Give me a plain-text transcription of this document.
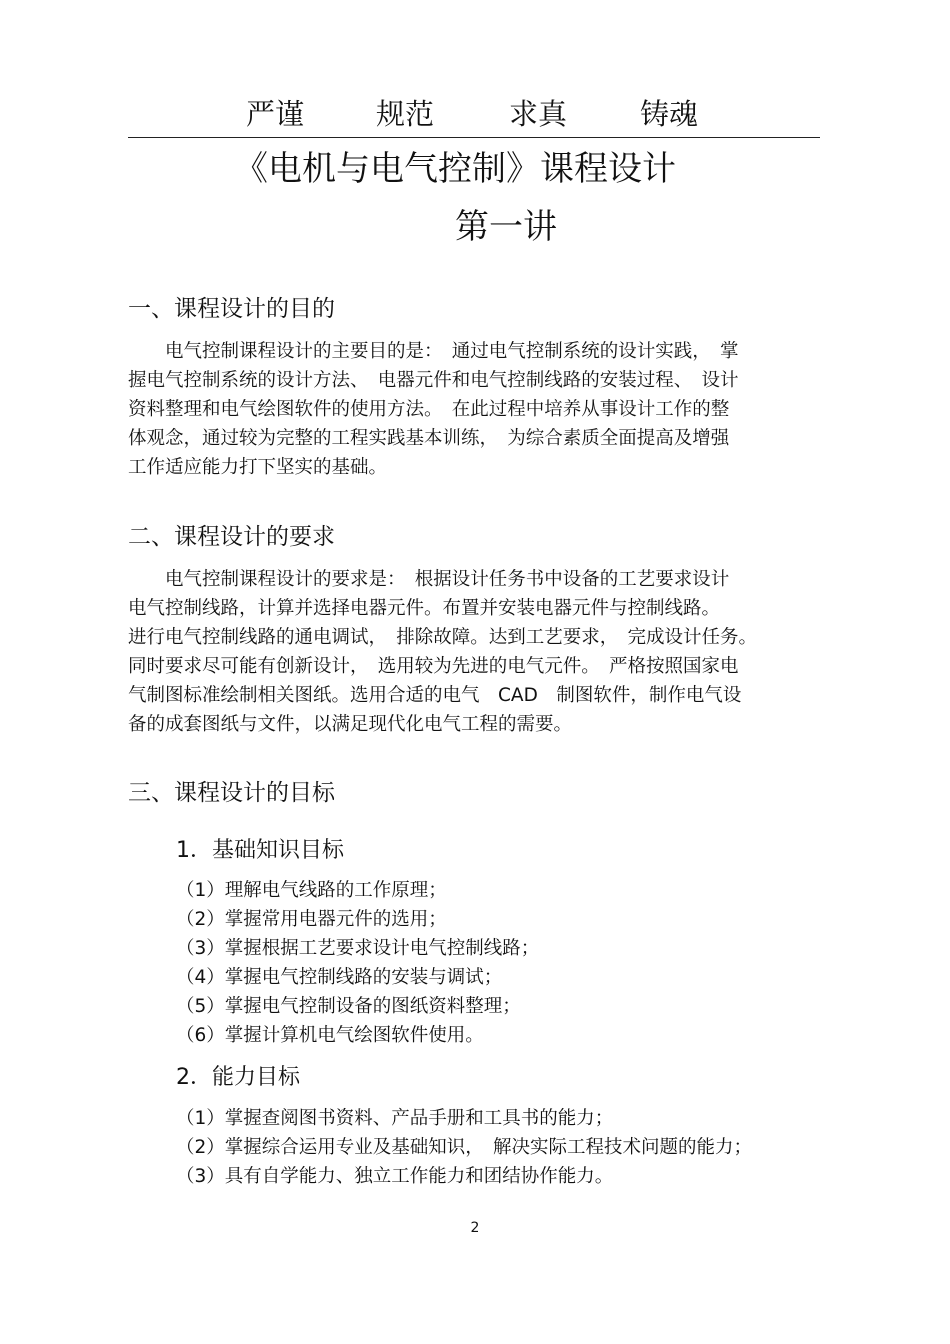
严谨 规范	求真	铸魂
《电机与电气控制》课程设计
第一讲
一、课程设计的目的
　　电气控制课程设计的主要目的是：　通过电气控制系统的设计实践，　掌
握电气控制系统的设计方法、　电器元件和电气控制线路的安装过程、　设计
资料整理和电气绘图软件的使用方法。　在此过程中培养从事设计工作的整
体观念，通过较为完整的工程实践基本训练，　为综合素质全面提高及增强
工作适应能力打下坚实的基础。
二、课程设计的要求
　　电气控制课程设计的要求是：　根据设计任务书中设备的工艺要求设计
电气控制线路，计算并选择电器元件。布置并安装电器元件与控制线路。
进行电气控制线路的通电调试，　排除故障。达到工艺要求，　完成设计任务。
同时要求尽可能有创新设计，　选用较为先进的电气元件。　严格按照国家电
气制图标准绘制相关图纸。选用合适的电气　CAD　制图软件，制作电气设
备的成套图纸与文件，以满足现代化电气工程的需要。
三、课程设计的目标
1．基础知识目标
（1）理解电气线路的工作原理；
（2）掌握常用电器元件的选用；
（3）掌握根据工艺要求设计电气控制线路；
（4）掌握电气控制线路的安装与调试；
（5）掌握电气控制设备的图纸资料整理；
（6）掌握计算机电气绘图软件使用。
2．能力目标
（1）掌握查阅图书资料、产品手册和工具书的能力；
（2）掌握综合运用专业及基础知识，　解决实际工程技术问题的能力；
（3）具有自学能力、独立工作能力和团结协作能力。
2
